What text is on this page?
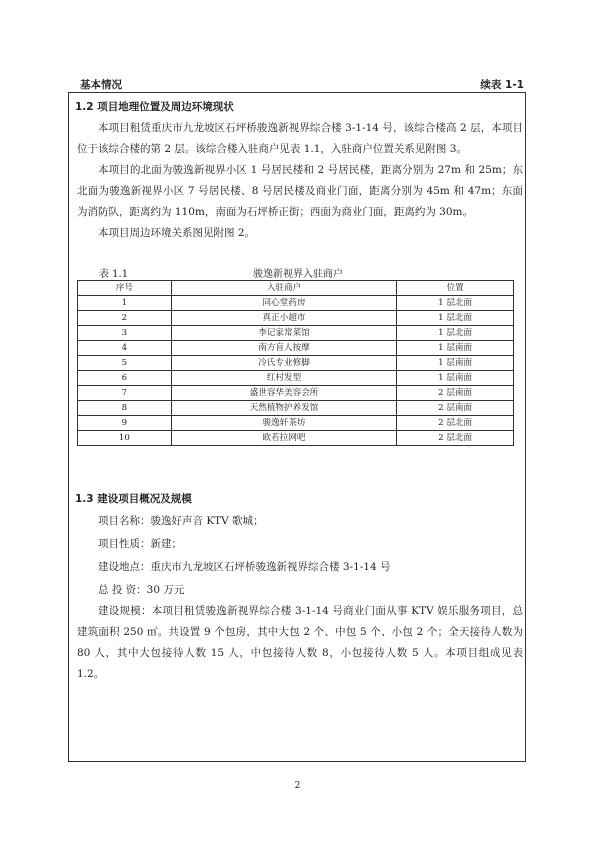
基本情况	续表 1-1
1.2 项目地理位置及周边环境现状

本项目租赁重庆市九龙坡区石坪桥骏逸新视界综合楼 3-1-14 号，该综合楼高 2 层，本项目位于该综合楼的第 2 层。该综合楼入驻商户见表 1.1，入驻商户位置关系见附图 3。

本项目的北面为骏逸新视界小区 1 号居民楼和 2 号居民楼，距离分别为 27m 和 25m；东北面为骏逸新视界小区 7 号居民楼、8 号居民楼及商业门面，距离分别为 45m 和 47m；东面为消防队，距离约为 110m，南面为石坪桥正街；西面为商业门面，距离约为 30m。

本项目周边环境关系图见附图 2。

表 1.1	骏逸新视界入驻商户
序号	入驻商户	位置
1	同心堂药房	1 层北面
2	真正小超市	1 层北面
3	李记家常菜馆	1 层北面
4	南方盲人按摩	1 层南面
5	冷氏专业修脚	1 层南面
6	红村发型	1 层南面
7	盛世容华美容会所	2 层南面
8	天然植物护养发馆	2 层南面
9	骏逸轩茶坊	2 层北面
10	欧若拉网吧	2 层北面
1.3 建设项目概况及规模
项目名称：骏逸好声音 KTV 歌城；
项目性质：新建；
建设地点：重庆市九龙坡区石坪桥骏逸新视界综合楼 3-1-14 号
总 投 资：30 万元

建设规模：本项目租赁骏逸新视界综合楼 3-1-14 号商业门面从事 KTV 娱乐服务项目，总建筑面积 250 ㎡。共设置 9 个包房，其中大包 2 个、中包 5 个、小包 2 个；全天接待人数为 80 人，其中大包接待人数 15 人，中包接待人数 8，小包接待人数 5 人。本项目组成见表 1.2。

2
